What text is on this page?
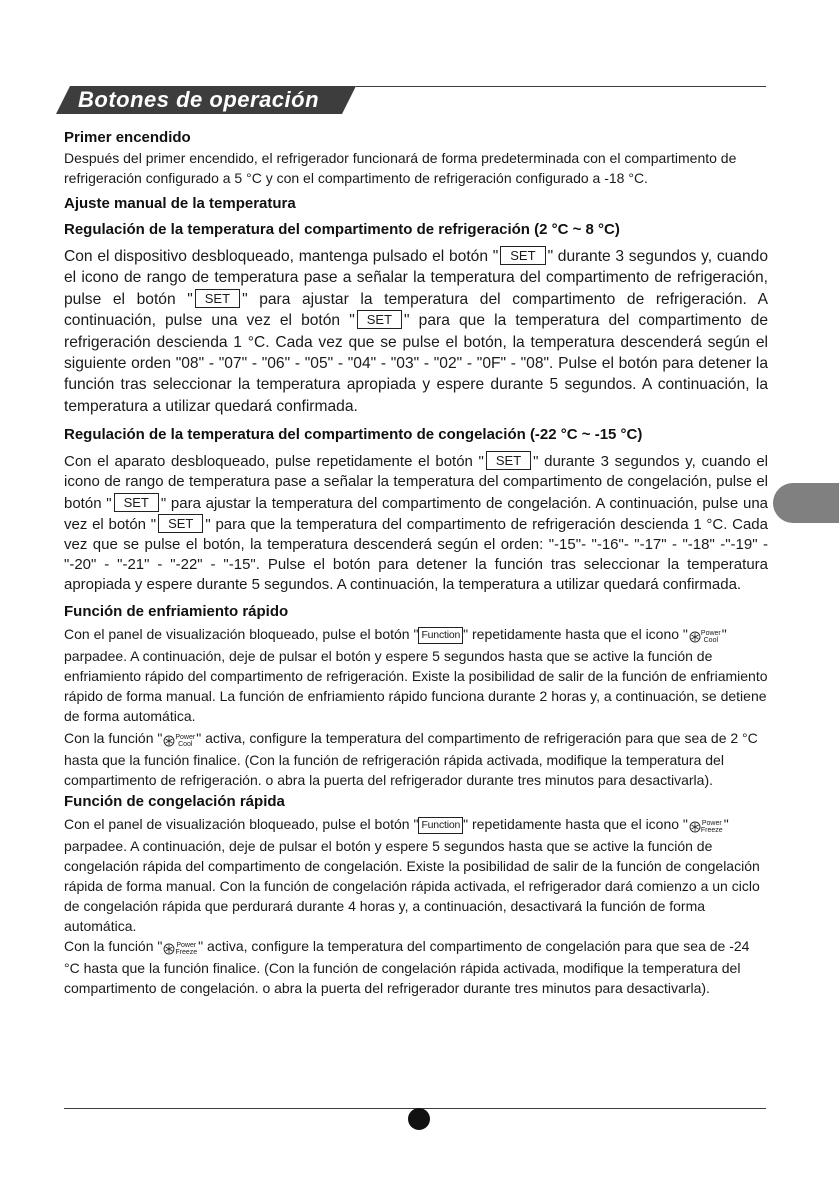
Botones de operación
Primer encendido

Después del primer encendido, el refrigerador funcionará de forma predeterminada con el compartimento de refrigeración configurado a 5 °C y con el compartimento de refrigeración configurado a -18 °C.

Ajuste manual de la temperatura
Regulación de la temperatura del compartimento de refrigeración (2 °C ~ 8 °C)

Con el dispositivo desbloqueado, mantenga pulsado el botón " SET " durante 3 segundos y, cuando el icono de rango de temperatura pase a señalar la temperatura del compartimento de refrigeración, pulse el botón " SET " para ajustar la temperatura del compartimento de refrigeración. A continuación, pulse una vez el botón " SET " para que la temperatura del compartimento de refrigeración descienda 1 °C. Cada vez que se pulse el botón, la temperatura descenderá según el siguiente orden "08" - "07" - "06" - "05" - "04" - "03" - "02" - "0F" - "08". Pulse el botón para detener la función tras seleccionar la temperatura apropiada y espere durante 5 segundos. A continuación, la temperatura a utilizar quedará confirmada.

Regulación de la temperatura del compartimento de congelación (-22 °C ~ -15 °C)

Con el aparato desbloqueado, pulse repetidamente el botón " SET " durante 3 segundos y, cuando el icono de rango de temperatura pase a señalar la temperatura del compartimento de congelación, pulse el botón " SET " para ajustar la temperatura del compartimento de congelación. A continuación, pulse una vez el botón " SET " para que la temperatura del compartimento de refrigeración descienda 1 °C. Cada vez que se pulse el botón, la temperatura descenderá según el orden: "-15"- "-16"- "-17" - "-18" -"-19" - "-20" - "-21" - "-22" - "-15". Pulse el botón para detener la función tras seleccionar la temperatura apropiada y espere durante 5 segundos. A continuación, la temperatura a utilizar quedará confirmada.

Función de enfriamiento rápido

Con el panel de visualización bloqueado, pulse el botón " Function " repetidamente hasta que el icono " Power
Cool " parpadee. A continuación, deje de pulsar el botón y espere 5 segundos hasta que se active la función de enfriamiento rápido del compartimento de refrigeración. Existe la posibilidad de salir de la función de enfriamiento rápido de forma manual. La función de enfriamiento rápido funciona durante 2 horas y, a continuación, se detiene de forma automática.

Con la función " Power
Cool " activa, configure la temperatura del compartimento de refrigeración para que sea de 2 °C hasta que la función finalice. (Con la función de refrigeración rápida activada, modifique la temperatura del compartimento de refrigeración. o abra la puerta del refrigerador durante tres minutos para desactivarla).

Función de congelación rápida

Con el panel de visualización bloqueado, pulse el botón " Function " repetidamente hasta que el icono " Power
Freeze" parpadee. A continuación, deje de pulsar el botón y espere 5 segundos hasta que se active la función de congelación rápida del compartimento de congelación. Existe la posibilidad de salir de la función de congelación rápida de forma manual. Con la función de congelación rápida activada, el refrigerador dará comienzo a un ciclo de congelación rápida que perdurará durante 4 horas y, a continuación, desactivará la función de forma automática.

Con la función " Power
Freeze" activa, configure la temperatura del compartimento de congelación para que sea de -24 °C hasta que la función finalice. (Con la función de congelación rápida activada, modifique la temperatura del compartimento de congelación. o abra la puerta del refrigerador durante tres minutos para desactivarla).
